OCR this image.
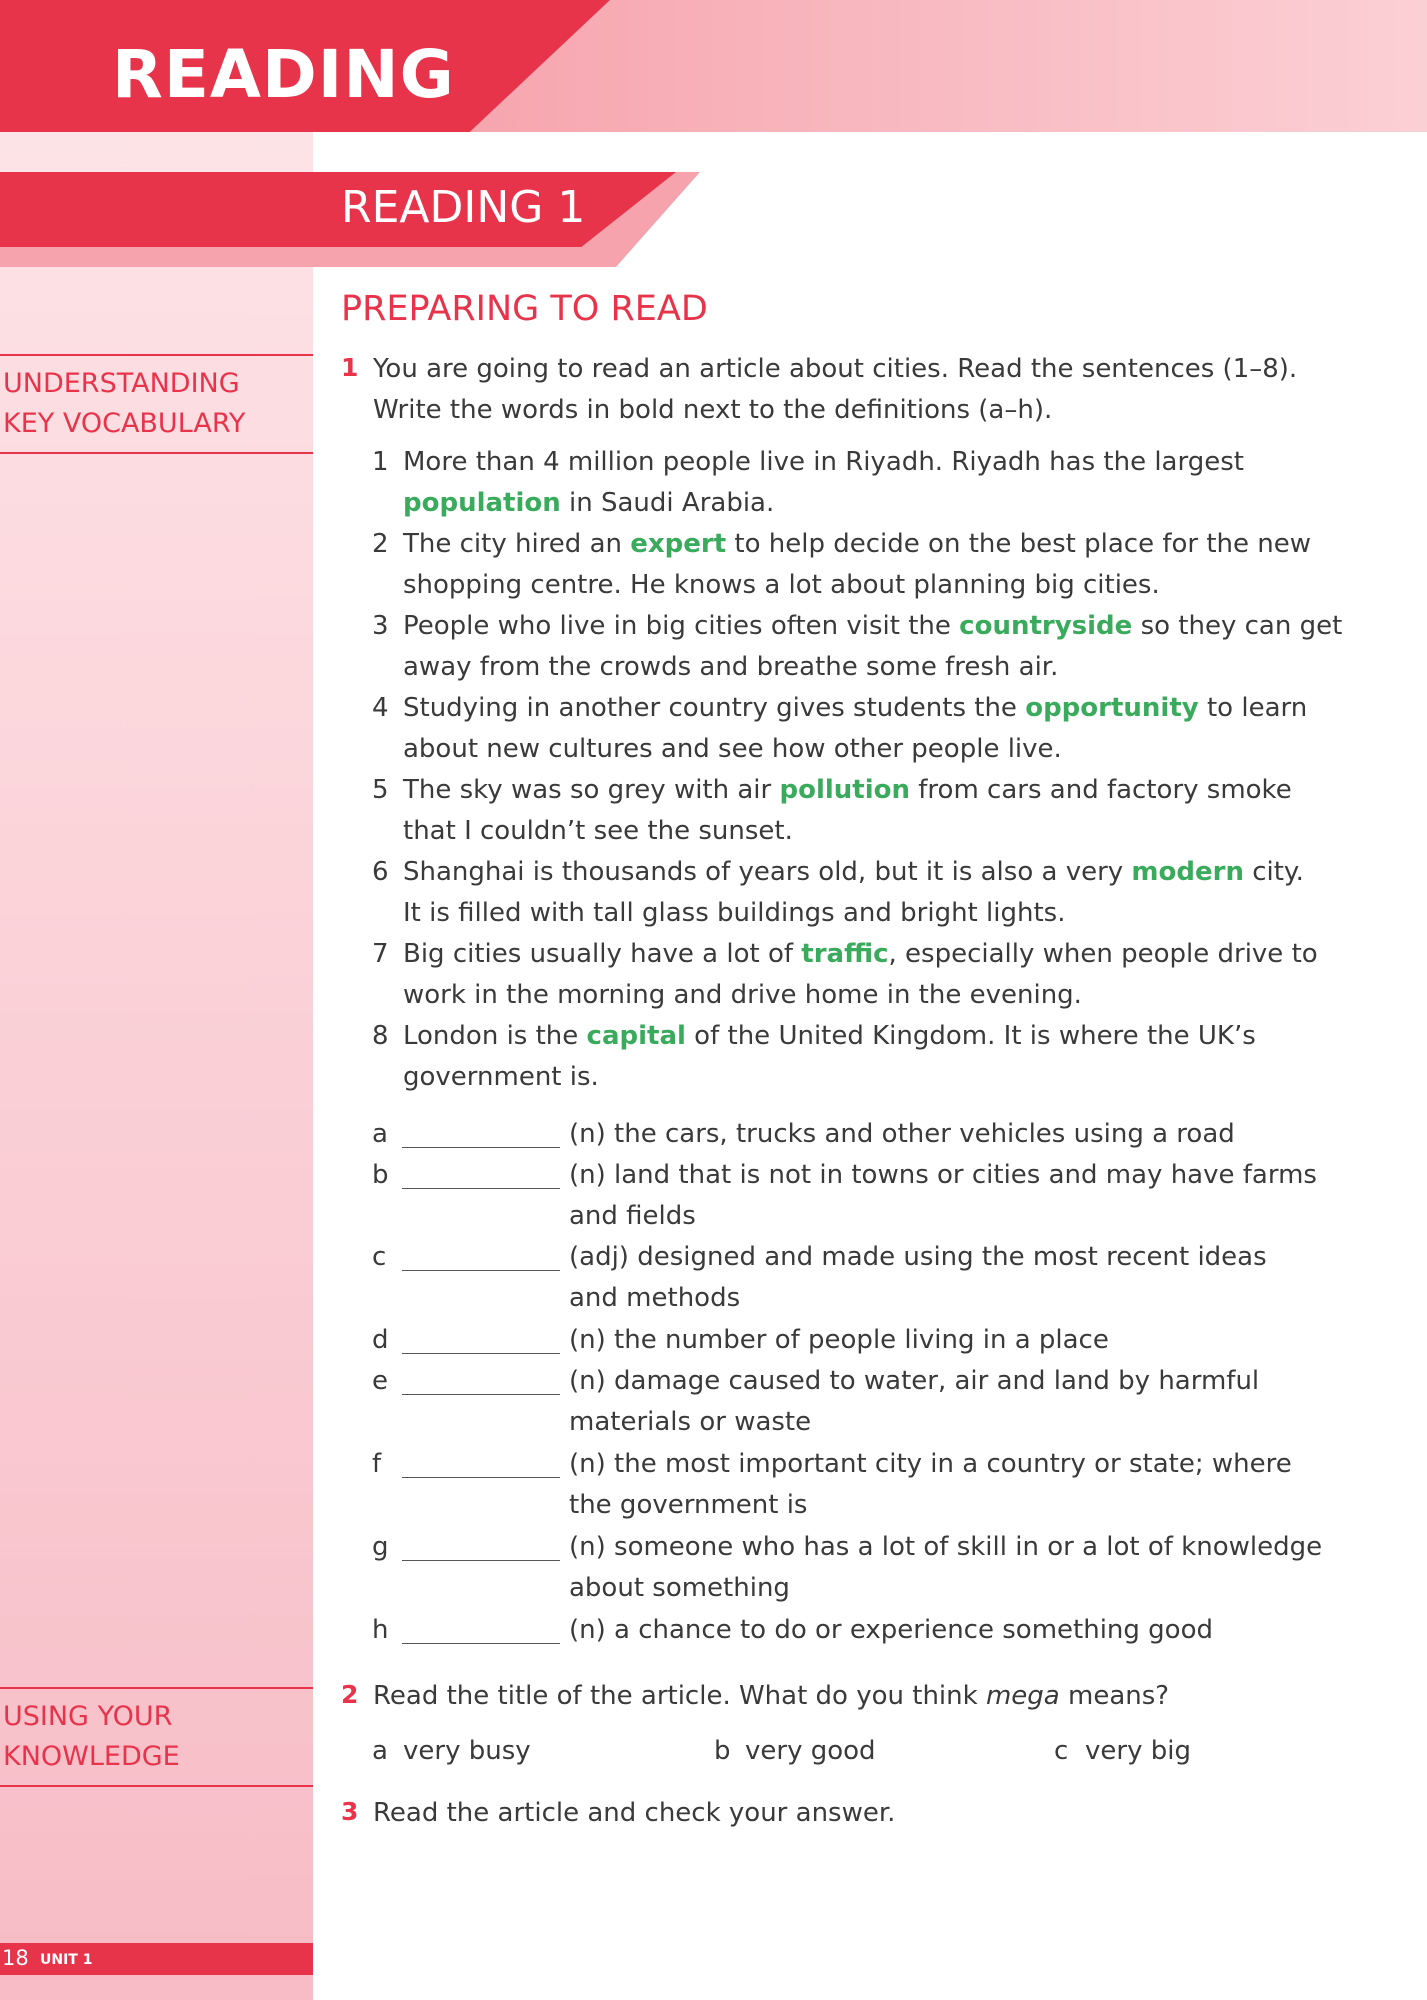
READING
READING 1
UNDERSTANDING
KEY VOCABULARY
USING YOUR
KNOWLEDGE
PREPARING TO READ
1 You are going to read an article about cities. Read the sentences (1–8).
Write the words in bold next to the definitions (a–h).
1 More than 4 million people live in Riyadh. Riyadh has the largest
population in Saudi Arabia.
2 The city hired an expert to help decide on the best place for the new
shopping centre. He knows a lot about planning big cities.
3 People who live in big cities often visit the countryside so they can get
away from the crowds and breathe some fresh air.
4 Studying in another country gives students the opportunity to learn
about new cultures and see how other people live.
5 The sky was so grey with air pollution from cars and factory smoke
that I couldn’t see the sunset.
6 Shanghai is thousands of years old, but it is also a very modern city.
It is filled with tall glass buildings and bright lights.
7 Big cities usually have a lot of traffic, especially when people drive to
work in the morning and drive home in the evening.
8 London is the capital of the United Kingdom. It is where the UK’s
government is.
a	(n) the cars, trucks and other vehicles using a road
b	(n) land that is not in towns or cities and may have farms
and fields
c	(adj) designed and made using the most recent ideas
and methods
d	(n) the number of people living in a place
e	(n) damage caused to water, air and land by harmful
materials or waste
f	(n) the most important city in a country or state; where
the government is
g	(n) someone who has a lot of skill in or a lot of knowledge
about something
h	(n) a chance to do or experience something good
2 Read the title of the article. What do you think mega means?
a very busy	b very good	c very big
3 Read the article and check your answer.
18 UNIT 1
